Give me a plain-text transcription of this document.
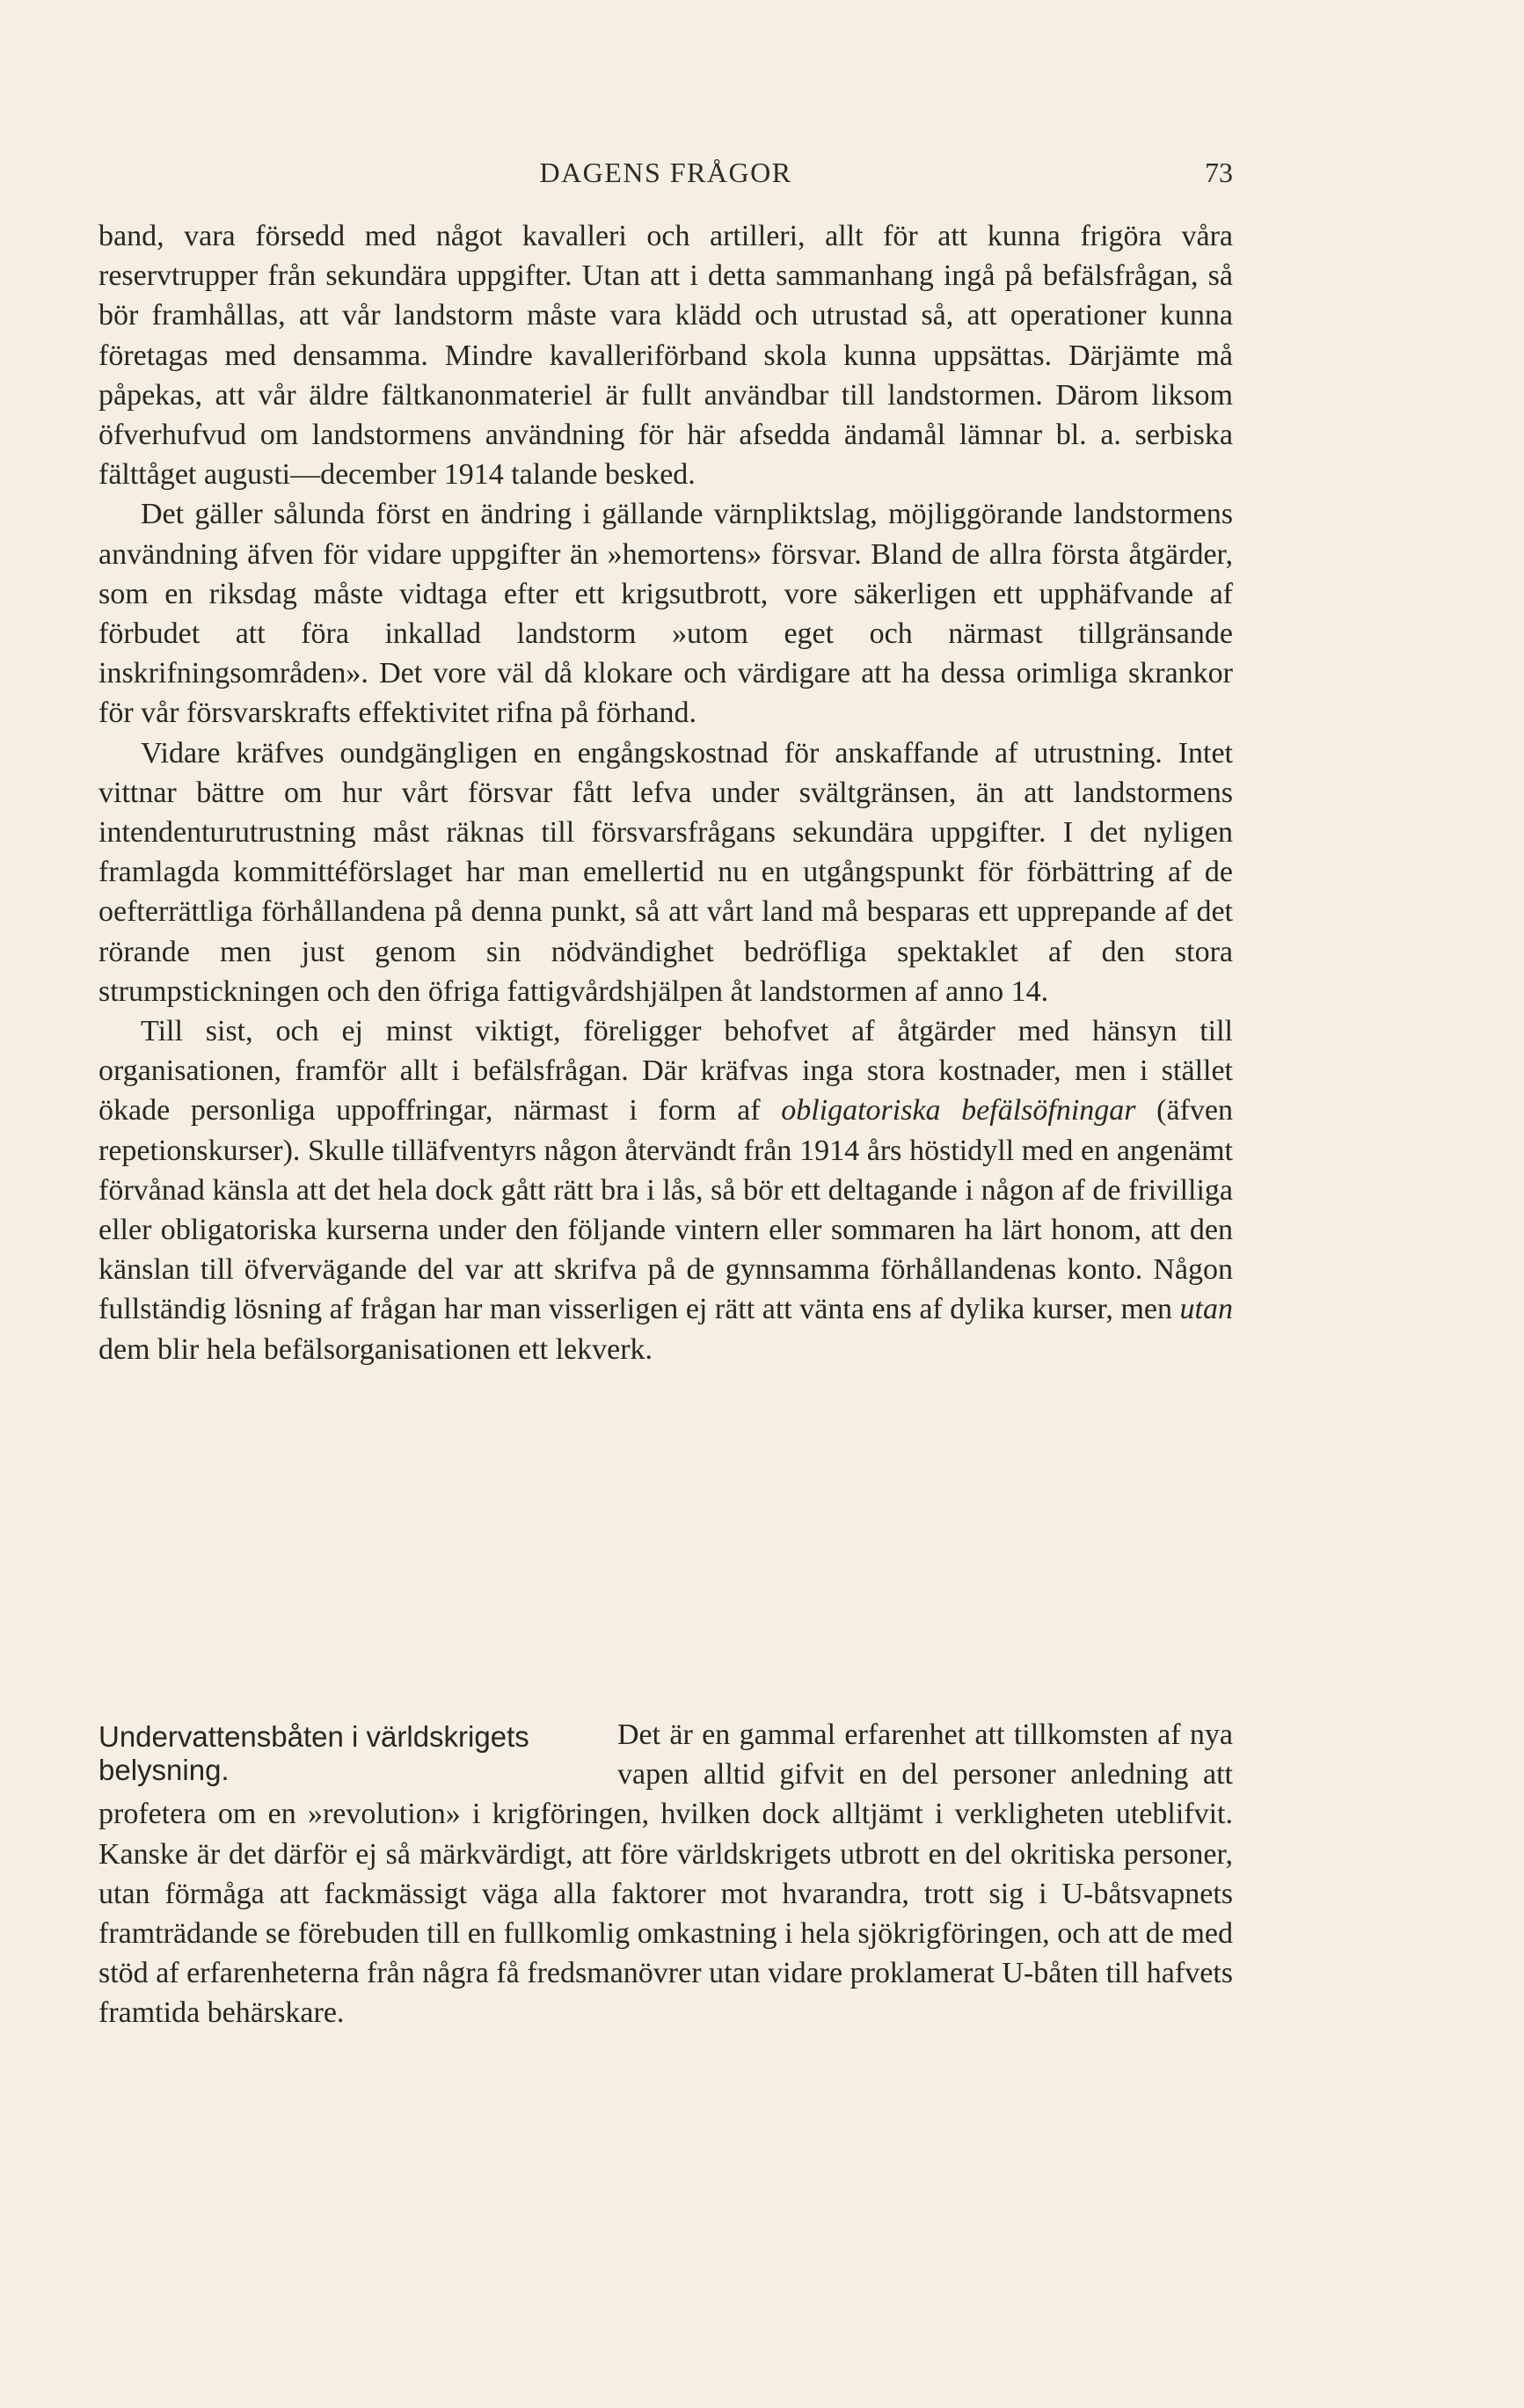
DAGENS FRÅGOR	73

band, vara försedd med något kavalleri och artilleri, allt för att kunna frigöra våra reservtrupper från sekundära uppgifter. Utan att i detta sammanhang ingå på befälsfrågan, så bör framhållas, att vår landstorm måste vara klädd och utrustad så, att operationer kunna företagas med densamma. Mindre kavalleriförband skola kunna uppsättas. Därjämte må påpekas, att vår äldre fältkanonmateriel är fullt användbar till landstormen. Därom liksom öfverhufvud om landstormens användning för här afsedda ändamål lämnar bl. a. serbiska fälttåget augusti—december 1914 talande besked.

Det gäller sålunda först en ändring i gällande värnpliktslag, möjliggörande landstormens användning äfven för vidare uppgifter än »hemortens» försvar. Bland de allra första åtgärder, som en riksdag måste vidtaga efter ett krigsutbrott, vore säkerligen ett upphäfvande af förbudet att föra inkallad landstorm »utom eget och närmast tillgränsande inskrifningsområden». Det vore väl då klokare och värdigare att ha dessa orimliga skrankor för vår försvarskrafts effektivitet rifna på förhand.

Vidare kräfves oundgängligen en engångskostnad för anskaffande af utrustning. Intet vittnar bättre om hur vårt försvar fått lefva under svältgränsen, än att landstormens intendenturutrustning måst räknas till försvarsfrågans sekundära uppgifter. I det nyligen framlagda kommittéförslaget har man emellertid nu en utgångspunkt för förbättring af de oefterrättliga förhållandena på denna punkt, så att vårt land må besparas ett upprepande af det rörande men just genom sin nödvändighet bedröfliga spektaklet af den stora strumpstickningen och den öfriga fattigvårdshjälpen åt landstormen af anno 14.

Till sist, och ej minst viktigt, föreligger behofvet af åtgärder med hänsyn till organisationen, framför allt i befälsfrågan. Där kräfvas inga stora kostnader, men i stället ökade personliga uppoffringar, närmast i form af obligatoriska befälsöfningar (äfven repetionskurser). Skulle tilläfventyrs någon återvändt från 1914 års höstidyll med en angenämt förvånad känsla att det hela dock gått rätt bra i lås, så bör ett deltagande i någon af de frivilliga eller obligatoriska kurserna under den följande vintern eller sommaren ha lärt honom, att den känslan till öfvervägande del var att skrifva på de gynnsamma förhållandenas konto. Någon fullständig lösning af frågan har man visserligen ej rätt att vänta ens af dylika kurser, men utan dem blir hela befälsorganisationen ett lekverk.

Undervattensbåten i världskrigets belysning.

Det är en gammal erfarenhet att tillkomsten af nya vapen alltid gifvit en del personer anledning att profetera om en »revolution» i krigföringen, hvilken dock alltjämt i verkligheten uteblifvit. Kanske är det därför ej så märkvärdigt, att före världskrigets utbrott en del okritiska personer, utan förmåga att fackmässigt väga alla faktorer mot hvarandra, trott sig i U-båtsvapnets framträdande se förebuden till en fullkomlig omkastning i hela sjökrigföringen, och att de med stöd af erfarenheterna från några få fredsmanövrer utan vidare proklamerat U-båten till hafvets framtida behärskare.
